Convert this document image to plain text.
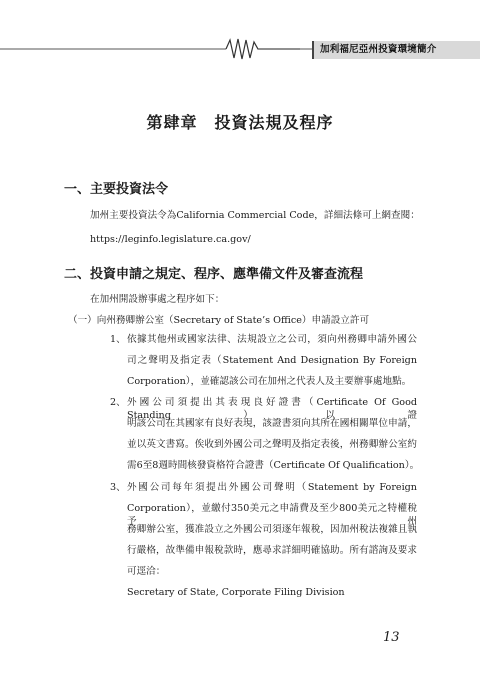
加利福尼亞州投資環境簡介
第肆章　投資法規及程序
一、主要投資法令
加州主要投資法令為California Commercial Code，詳細法條可上網查閱：
https://leginfo.legislature.ca.gov/
二、投資申請之規定、程序、應準備文件及審查流程
在加州開設辦事處之程序如下：
（一）向州務卿辦公室（Secretary of State’s Office）申請設立許可
1、 依據其他州或國家法律、法規設立之公司，須向州務卿申請外國公
司之聲明及指定表（Statement And Designation By Foreign
Corporation），並確認該公司在加州之代表人及主要辦事處地點。
2、 外國公司須提出其表現良好證書（Certificate Of Good Standing）以證
明該公司在其國家有良好表現，該證書須向其所在國相關單位申請，
並以英文書寫。俟收到外國公司之聲明及指定表後，州務卿辦公室約
需6至8週時間核發資格符合證書（Certificate Of Qualification）。
3、 外國公司每年須提出外國公司聲明（Statement by Foreign
Corporation），並繳付350美元之申請費及至少800美元之特權稅予州
務卿辦公室，獲准設立之外國公司須逐年報稅，因加州稅法複雜且執
行嚴格，故準備申報稅款時，應尋求詳細明確協助。所有諮詢及要求
可逕洽：
Secretary of State, Corporate Filing Division
13
